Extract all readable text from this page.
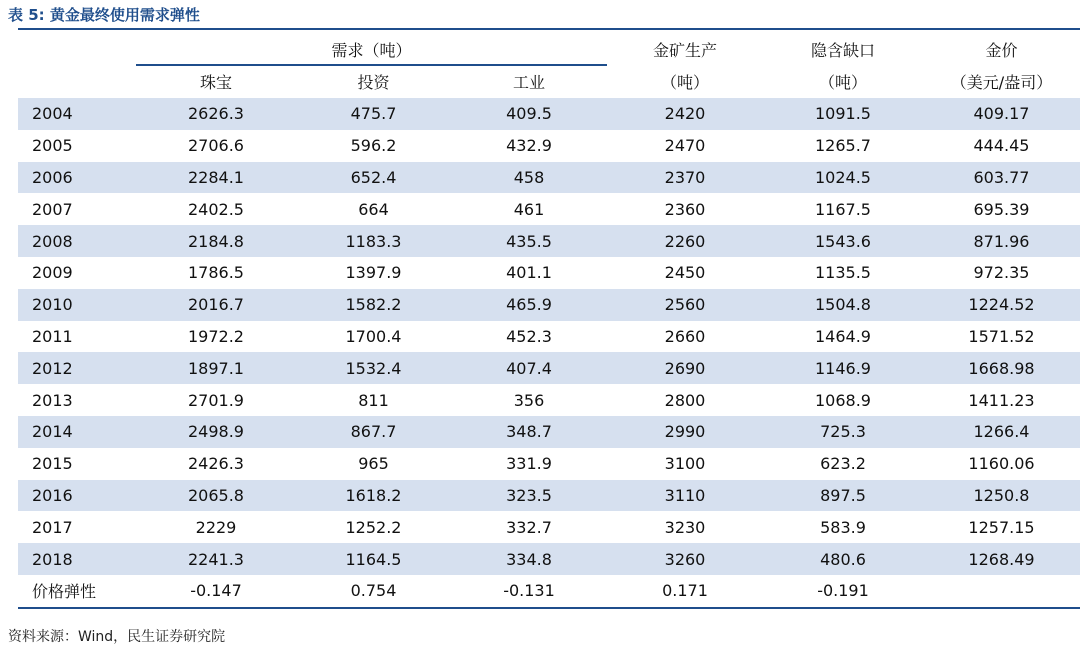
表 5: 黄金最终使用需求弹性
需求（吨）
珠宝	投资	工业
金矿生产
（吨）
隐含缺口
（吨）
金价
（美元/盎司）
2004	2626.3	475.7	409.5	2420	1091.5	409.17
2005	2706.6	596.2	432.9	2470	1265.7	444.45
2006	2284.1	652.4	458	2370	1024.5	603.77
2007	2402.5	664	461	2360	1167.5	695.39
2008	2184.8	1183.3	435.5	2260	1543.6	871.96
2009	1786.5	1397.9	401.1	2450	1135.5	972.35
2010	2016.7	1582.2	465.9	2560	1504.8	1224.52
2011	1972.2	1700.4	452.3	2660	1464.9	1571.52
2012	1897.1	1532.4	407.4	2690	1146.9	1668.98
2013	2701.9	811	356	2800	1068.9	1411.23
2014	2498.9	867.7	348.7	2990	725.3	1266.4
2015	2426.3	965	331.9	3100	623.2	1160.06
2016	2065.8	1618.2	323.5	3110	897.5	1250.8
2017	2229	1252.2	332.7	3230	583.9	1257.15
2018	2241.3	1164.5	334.8	3260	480.6	1268.49
价格弹性	-0.147	0.754	-0.131	0.171	-0.191	
资料来源：Wind，民生证券研究院
